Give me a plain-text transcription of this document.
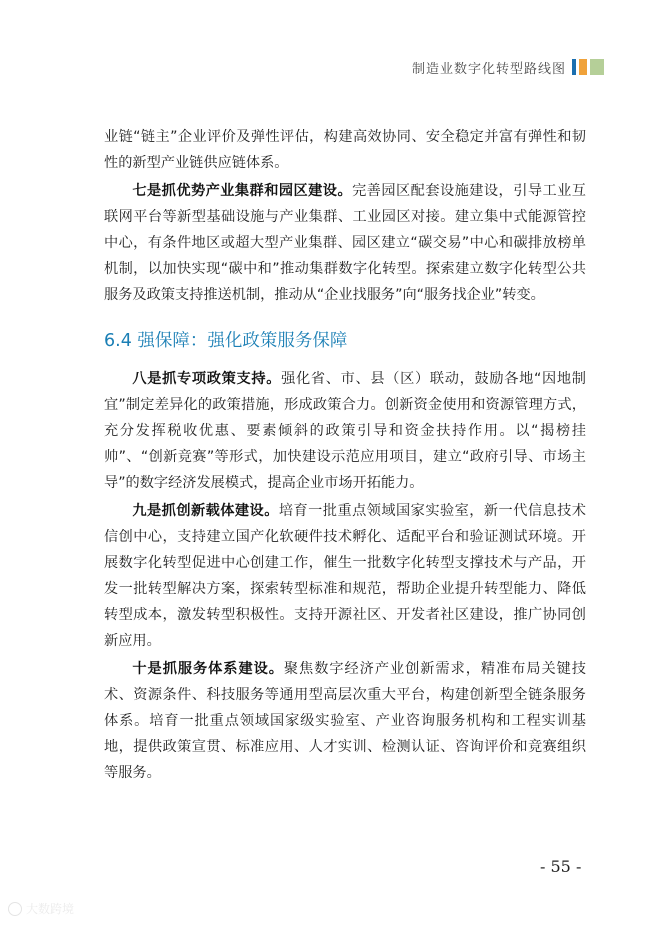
制造业数字化转型路线图

业链“链主”企业评价及弹性评估，构建高效协同、安全稳定并富有弹性和韧性的新型产业链供应链体系。

七是抓优势产业集群和园区建设。完善园区配套设施建设，引导工业互联网平台等新型基础设施与产业集群、工业园区对接。建立集中式能源管控中心，有条件地区或超大型产业集群、园区建立“碳交易”中心和碳排放榜单机制，以加快实现“碳中和”推动集群数字化转型。探索建立数字化转型公共服务及政策支持推送机制，推动从“企业找服务”向“服务找企业”转变。

6.4 强保障：强化政策服务保障

八是抓专项政策支持。强化省、市、县（区）联动，鼓励各地“因地制宜”制定差异化的政策措施，形成政策合力。创新资金使用和资源管理方式，充分发挥税收优惠、要素倾斜的政策引导和资金扶持作用。以“揭榜挂帅”、“创新竞赛”等形式，加快建设示范应用项目，建立“政府引导、市场主导”的数字经济发展模式，提高企业市场开拓能力。

九是抓创新载体建设。培育一批重点领域国家实验室，新一代信息技术信创中心，支持建立国产化软硬件技术孵化、适配平台和验证测试环境。开展数字化转型促进中心创建工作，催生一批数字化转型支撑技术与产品，开发一批转型解决方案，探索转型标准和规范，帮助企业提升转型能力、降低转型成本，激发转型积极性。支持开源社区、开发者社区建设，推广协同创新应用。

十是抓服务体系建设。聚焦数字经济产业创新需求，精准布局关键技术、资源条件、科技服务等通用型高层次重大平台，构建创新型全链条服务体系。培育一批重点领域国家级实验室、产业咨询服务机构和工程实训基地，提供政策宣贯、标准应用、人才实训、检测认证、咨询评价和竞赛组织等服务。

- 55 -
大数跨境
